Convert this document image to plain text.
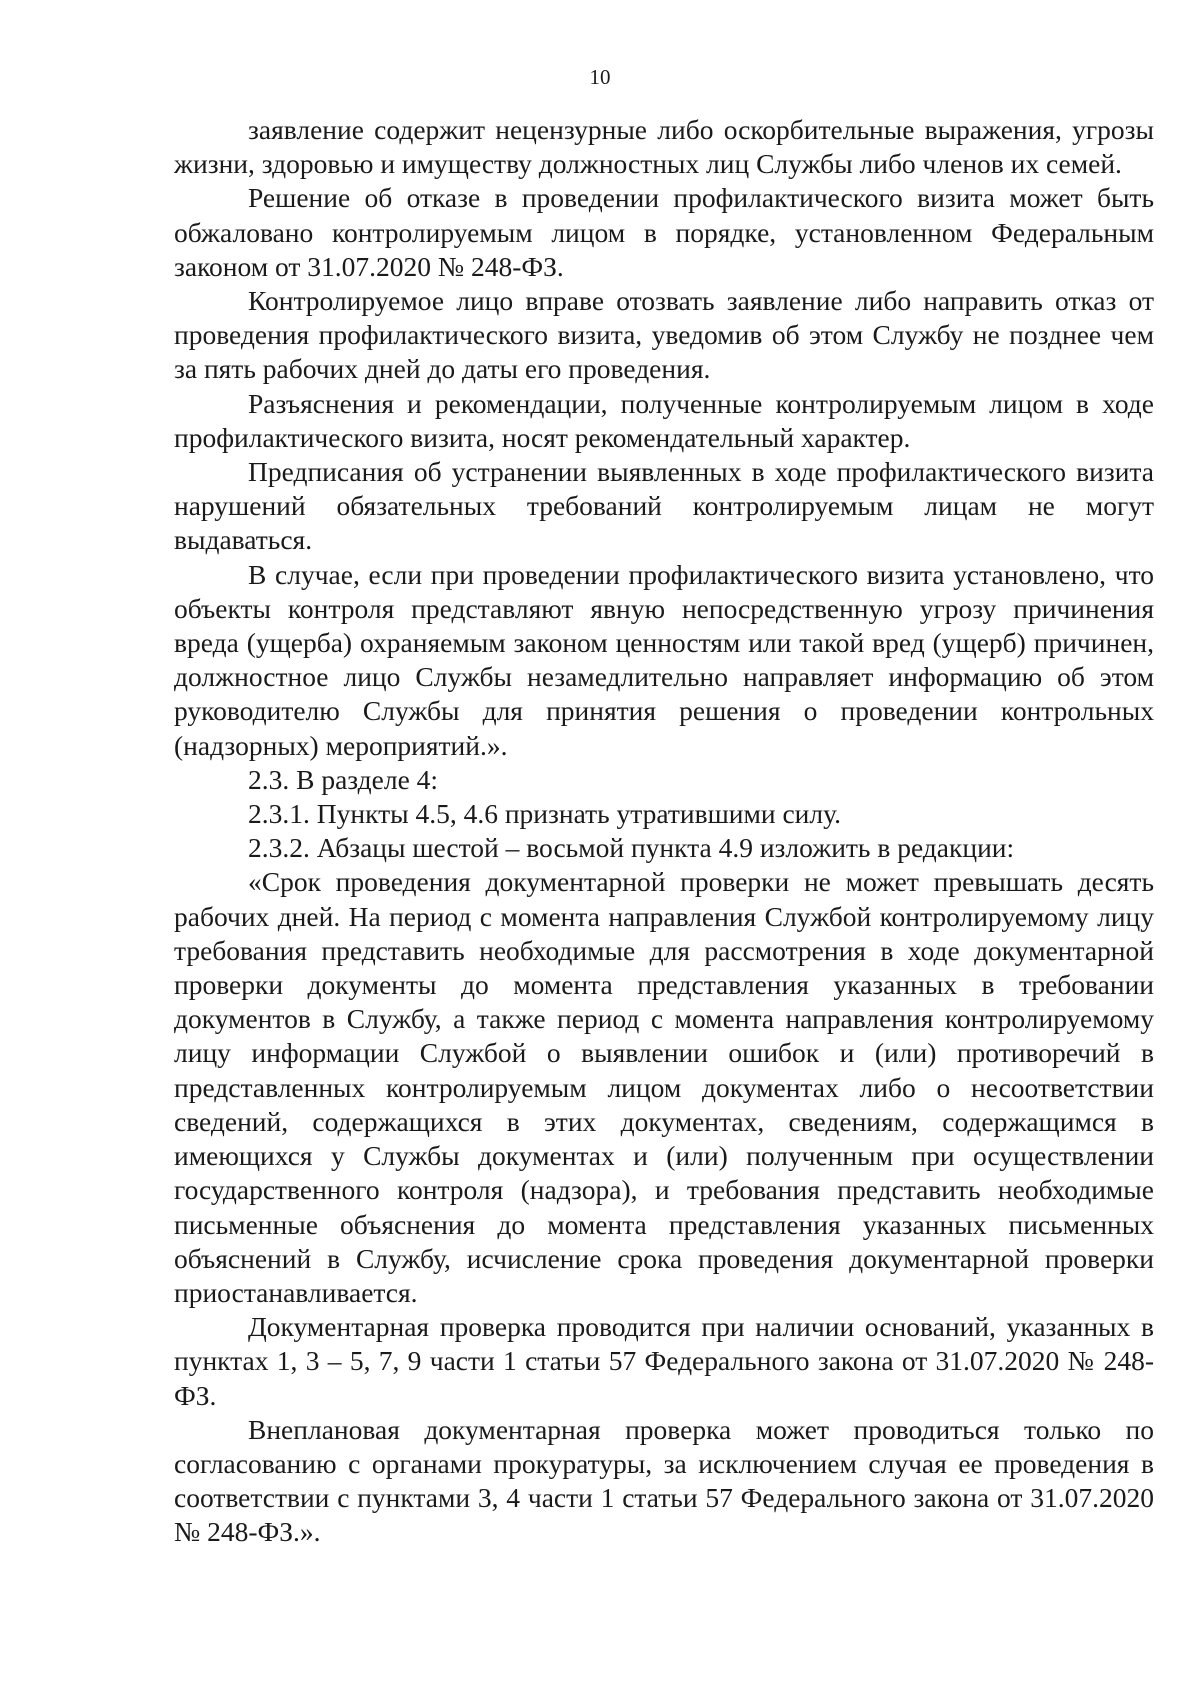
10

заявление содержит нецензурные либо оскорбительные выражения, угрозы жизни, здоровью и имуществу должностных лиц Службы либо членов их семей.

Решение об отказе в проведении профилактического визита может быть обжаловано контролируемым лицом в порядке, установленном Федеральным законом от 31.07.2020 № 248-ФЗ.

Контролируемое лицо вправе отозвать заявление либо направить отказ от проведения профилактического визита, уведомив об этом Службу не позднее чем за пять рабочих дней до даты его проведения.

Разъяснения и рекомендации, полученные контролируемым лицом в ходе профилактического визита, носят рекомендательный характер.

Предписания об устранении выявленных в ходе профилактического визита нарушений обязательных требований контролируемым лицам не могут выдаваться.

В случае, если при проведении профилактического визита установлено, что объекты контроля представляют явную непосредственную угрозу причинения вреда (ущерба) охраняемым законом ценностям или такой вред (ущерб) причинен, должностное лицо Службы незамедлительно направляет информацию об этом руководителю Службы для принятия решения о проведении контрольных (надзорных) мероприятий.».

2.3. В разделе 4:

2.3.1. Пункты 4.5, 4.6 признать утратившими силу.

2.3.2. Абзацы шестой – восьмой пункта 4.9 изложить в редакции:

«Срок проведения документарной проверки не может превышать десять рабочих дней. На период с момента направления Службой контролируемому лицу требования представить необходимые для рассмотрения в ходе документарной проверки документы до момента представления указанных в требовании документов в Службу, а также период с момента направления контролируемому лицу информации Службой о выявлении ошибок и (или) противоречий в представленных контролируемым лицом документах либо о несоответствии сведений, содержащихся в этих документах, сведениям, содержащимся в имеющихся у Службы документах и (или) полученным при осуществлении государственного контроля (надзора), и требования представить необходимые письменные объяснения до момента представления указанных письменных объяснений в Службу, исчисление срока проведения документарной проверки приостанавливается.

Документарная проверка проводится при наличии оснований, указанных в пунктах 1, 3 – 5, 7, 9 части 1 статьи 57 Федерального закона от 31.07.2020 № 248-ФЗ.

Внеплановая документарная проверка может проводиться только по согласованию с органами прокуратуры, за исключением случая ее проведения в соответствии с пунктами 3, 4 части 1 статьи 57 Федерального закона от 31.07.2020 № 248-ФЗ.».
